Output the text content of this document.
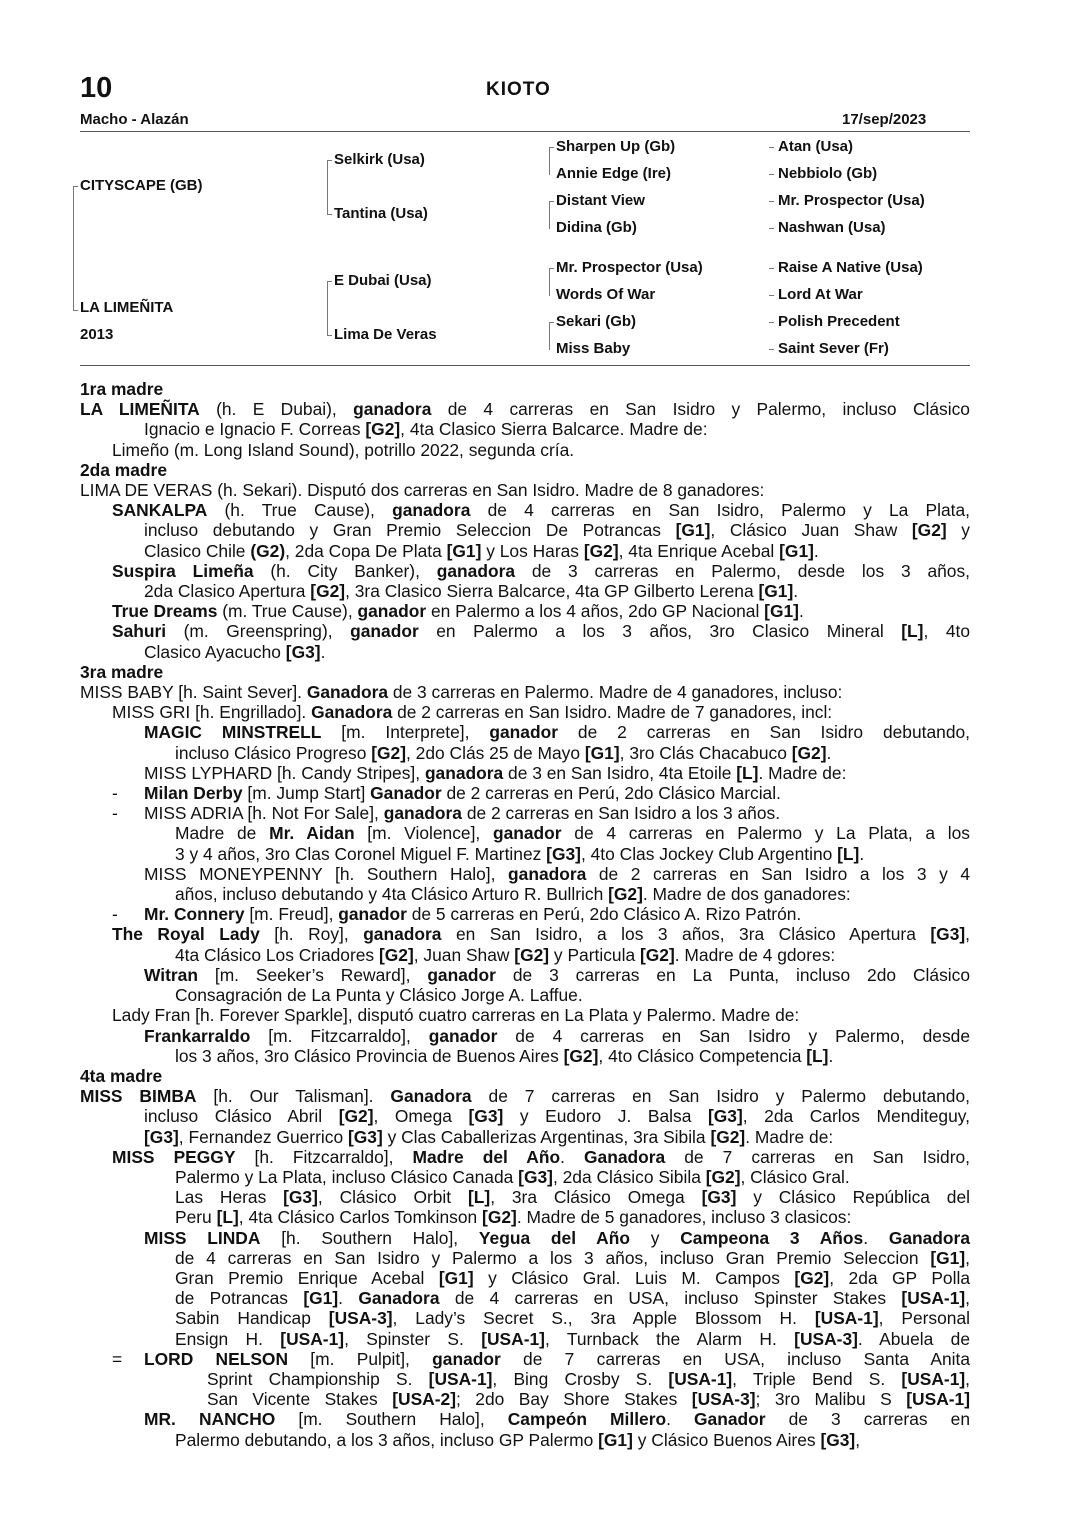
10	KIOTO
Macho - Alazán	17/sep/2023
CITYSCAPE (GB)
LA LIMEÑITA
2013
Selkirk (Usa)
Tantina (Usa)
E Dubai (Usa)
Lima De Veras
Sharpen Up (Gb)
Annie Edge (Ire)
Distant View
Didina (Gb)
Mr. Prospector (Usa)
Words Of War
Sekari (Gb)
Miss Baby
Atan (Usa)
Nebbiolo (Gb)
Mr. Prospector (Usa)
Nashwan (Usa)
Raise A Native (Usa)
Lord At War
Polish Precedent
Saint Sever (Fr)
1ra madre
LA LIMEÑITA (h. E Dubai), ganadora de 4 carreras en San Isidro y Palermo, incluso Clásico
Ignacio e Ignacio F. Correas [G2], 4ta Clasico Sierra Balcarce. Madre de:
Limeño (m. Long Island Sound), potrillo 2022, segunda cría.
2da madre
LIMA DE VERAS (h. Sekari). Disputó dos carreras en San Isidro. Madre de 8 ganadores:
SANKALPA (h. True Cause), ganadora de 4 carreras en San Isidro, Palermo y La Plata,
incluso debutando y Gran Premio Seleccion De Potrancas [G1], Clásico Juan Shaw [G2] y
Clasico Chile (G2), 2da Copa De Plata [G1] y Los Haras [G2], 4ta Enrique Acebal [G1].
Suspira Limeña (h. City Banker), ganadora de 3 carreras en Palermo, desde los 3 años,
2da Clasico Apertura [G2], 3ra Clasico Sierra Balcarce, 4ta GP Gilberto Lerena [G1].
True Dreams (m. True Cause), ganador en Palermo a los 4 años, 2do GP Nacional [G1].
Sahuri (m. Greenspring), ganador en Palermo a los 3 años, 3ro Clasico Mineral [L], 4to
Clasico Ayacucho [G3].
3ra madre
MISS BABY [h. Saint Sever]. Ganadora de 3 carreras en Palermo. Madre de 4 ganadores, incluso:
MISS GRI [h. Engrillado]. Ganadora de 2 carreras en San Isidro. Madre de 7 ganadores, incl:
MAGIC MINSTRELL [m. Interprete], ganador de 2 carreras en San Isidro debutando,
incluso Clásico Progreso [G2], 2do Clás 25 de Mayo [G1], 3ro Clás Chacabuco [G2].
MISS LYPHARD [h. Candy Stripes], ganadora de 3 en San Isidro, 4ta Etoile [L]. Madre de:
- Milan Derby [m. Jump Start] Ganador de 2 carreras en Perú, 2do Clásico Marcial.
- MISS ADRIA [h. Not For Sale], ganadora de 2 carreras en San Isidro a los 3 años.
Madre de Mr. Aidan [m. Violence], ganador de 4 carreras en Palermo y La Plata, a los
3 y 4 años, 3ro Clas Coronel Miguel F. Martinez [G3], 4to Clas Jockey Club Argentino [L].
MISS MONEYPENNY [h. Southern Halo], ganadora de 2 carreras en San Isidro a los 3 y 4
años, incluso debutando y 4ta Clásico Arturo R. Bullrich [G2]. Madre de dos ganadores:
- Mr. Connery [m. Freud], ganador de 5 carreras en Perú, 2do Clásico A. Rizo Patrón.
The Royal Lady [h. Roy], ganadora en San Isidro, a los 3 años, 3ra Clásico Apertura [G3],
4ta Clásico Los Criadores [G2], Juan Shaw [G2] y Particula [G2]. Madre de 4 gdores:
Witran [m. Seeker’s Reward], ganador de 3 carreras en La Punta, incluso 2do Clásico
Consagración de La Punta y Clásico Jorge A. Laffue.
Lady Fran [h. Forever Sparkle], disputó cuatro carreras en La Plata y Palermo. Madre de:
Frankarraldo [m. Fitzcarraldo], ganador de 4 carreras en San Isidro y Palermo, desde
los 3 años, 3ro Clásico Provincia de Buenos Aires [G2], 4to Clásico Competencia [L].
4ta madre
MISS BIMBA [h. Our Talisman]. Ganadora de 7 carreras en San Isidro y Palermo debutando,
incluso Clásico Abril [G2], Omega [G3] y Eudoro J. Balsa [G3], 2da Carlos Menditeguy,
[G3], Fernandez Guerrico [G3] y Clas Caballerizas Argentinas, 3ra Sibila [G2]. Madre de:
MISS PEGGY [h. Fitzcarraldo], Madre del Año. Ganadora de 7 carreras en San Isidro,
Palermo y La Plata, incluso Clásico Canada [G3], 2da Clásico Sibila [G2], Clásico Gral.
Las Heras [G3], Clásico Orbit [L], 3ra Clásico Omega [G3] y Clásico República del
Peru [L], 4ta Clásico Carlos Tomkinson [G2]. Madre de 5 ganadores, incluso 3 clasicos:
MISS LINDA [h. Southern Halo], Yegua del Año y Campeona 3 Años. Ganadora
de 4 carreras en San Isidro y Palermo a los 3 años, incluso Gran Premio Seleccion [G1],
Gran Premio Enrique Acebal [G1] y Clásico Gral. Luis M. Campos [G2], 2da GP Polla
de Potrancas [G1]. Ganadora de 4 carreras en USA, incluso Spinster Stakes [USA-1],
Sabin Handicap [USA-3], Lady’s Secret S., 3ra Apple Blossom H. [USA-1], Personal
Ensign H. [USA-1], Spinster S. [USA-1], Turnback the Alarm H. [USA-3]. Abuela de
= LORD NELSON [m. Pulpit], ganador de 7 carreras en USA, incluso Santa Anita
Sprint Championship S. [USA-1], Bing Crosby S. [USA-1], Triple Bend S. [USA-1],
San Vicente Stakes [USA-2]; 2do Bay Shore Stakes [USA-3]; 3ro Malibu S [USA-1]
MR. NANCHO [m. Southern Halo], Campeón Millero. Ganador de 3 carreras en
Palermo debutando, a los 3 años, incluso GP Palermo [G1] y Clásico Buenos Aires [G3],
